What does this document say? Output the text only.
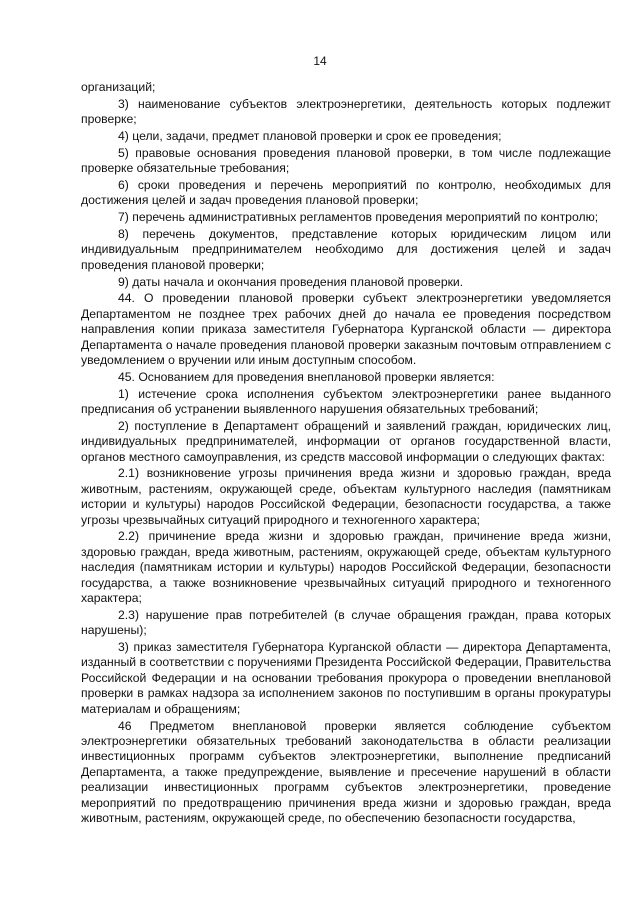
14

организаций;

3) наименование субъектов электроэнергетики, деятельность которых подлежит проверке;

4) цели, задачи, предмет плановой проверки и срок ее проведения;

5) правовые основания проведения плановой проверки, в том числе подлежащие проверке обязательные требования;

6) сроки проведения и перечень мероприятий по контролю, необходимых для достижения целей и задач проведения плановой проверки;

7) перечень административных регламентов проведения мероприятий по контролю;

8) перечень документов, представление которых юридическим лицом или индивидуальным предпринимателем необходимо для достижения целей и задач проведения плановой проверки;

9) даты начала и окончания проведения плановой проверки.

44. О проведении плановой проверки субъект электроэнергетики уведомляется Департаментом не позднее трех рабочих дней до начала ее проведения посредством направления копии приказа заместителя Губернатора Курганской области — директора Департамента о начале проведения плановой проверки заказным почтовым отправлением с уведомлением о вручении или иным доступным способом.

45. Основанием для проведения внеплановой проверки является:

1) истечение срока исполнения субъектом электроэнергетики ранее выданного предписания об устранении выявленного нарушения обязательных требований;

2) поступление в Департамент обращений и заявлений граждан, юридических лиц, индивидуальных предпринимателей, информации от органов государственной власти, органов местного самоуправления, из средств массовой информации о следующих фактах:

2.1) возникновение угрозы причинения вреда жизни и здоровью граждан, вреда животным, растениям, окружающей среде, объектам культурного наследия (памятникам истории и культуры) народов Российской Федерации, безопасности государства, а также угрозы чрезвычайных ситуаций природного и техногенного характера;

2.2) причинение вреда жизни и здоровью граждан, причинение вреда жизни, здоровью граждан, вреда животным, растениям, окружающей среде, объектам культурного наследия (памятникам истории и культуры) народов Российской Федерации, безопасности государства, а также возникновение чрезвычайных ситуаций природного и техногенного характера;

2.3) нарушение прав потребителей (в случае обращения граждан, права которых нарушены);

3) приказ заместителя Губернатора Курганской области — директора Департамента, изданный в соответствии с поручениями Президента Российской Федерации, Правительства Российской Федерации и на основании требования прокурора о проведении внеплановой проверки в рамках надзора за исполнением законов по поступившим в органы прокуратуры материалам и обращениям;

46 Предметом внеплановой проверки является соблюдение субъектом электроэнергетики обязательных требований законодательства в области реализации инвестиционных программ субъектов электроэнергетики, выполнение предписаний Департамента, а также предупреждение, выявление и пресечение нарушений в области реализации инвестиционных программ субъектов электроэнергетики, проведение мероприятий по предотвращению причинения вреда жизни и здоровью граждан, вреда животным, растениям, окружающей среде, по обеспечению безопасности государства,
